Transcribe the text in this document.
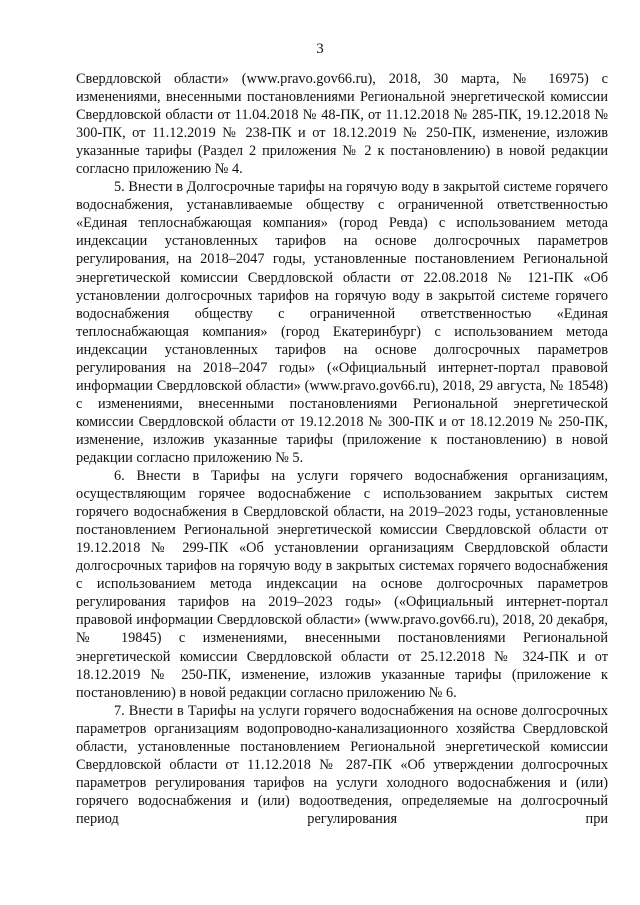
3

Свердловской области» (www.pravo.gov66.ru), 2018, 30 марта, № 16975) с изменениями, внесенными постановлениями Региональной энергетической комиссии Свердловской области от 11.04.2018 № 48-ПК, от 11.12.2018 № 285-ПК, 19.12.2018 № 300-ПК, от 11.12.2019 № 238-ПК и от 18.12.2019 № 250-ПК, изменение, изложив указанные тарифы (Раздел 2 приложения № 2 к постановлению) в новой редакции согласно приложению № 4.

5. Внести в Долгосрочные тарифы на горячую воду в закрытой системе горячего водоснабжения, устанавливаемые обществу с ограниченной ответственностью «Единая теплоснабжающая компания» (город Ревда) с использованием метода индексации установленных тарифов на основе долгосрочных параметров регулирования, на 2018–2047 годы, установленные постановлением Региональной энергетической комиссии Свердловской области от 22.08.2018 № 121-ПК «Об установлении долгосрочных тарифов на горячую воду в закрытой системе горячего водоснабжения обществу с ограниченной ответственностью «Единая теплоснабжающая компания» (город Екатеринбург) с использованием метода индексации установленных тарифов на основе долгосрочных параметров регулирования на 2018–2047 годы» («Официальный интернет-портал правовой информации Свердловской области» (www.pravo.gov66.ru), 2018, 29 августа, № 18548) с изменениями, внесенными постановлениями Региональной энергетической комиссии Свердловской области от 19.12.2018 № 300-ПК и от 18.12.2019 № 250-ПК, изменение, изложив указанные тарифы (приложение к постановлению) в новой редакции согласно приложению № 5.

6. Внести в Тарифы на услуги горячего водоснабжения организациям, осуществляющим горячее водоснабжение с использованием закрытых систем горячего водоснабжения в Свердловской области, на 2019–2023 годы, установленные постановлением Региональной энергетической комиссии Свердловской области от 19.12.2018 № 299-ПК «Об установлении организациям Свердловской области долгосрочных тарифов на горячую воду в закрытых системах горячего водоснабжения с использованием метода индексации на основе долгосрочных параметров регулирования тарифов на 2019–2023 годы» («Официальный интернет-портал правовой информации Свердловской области» (www.pravo.gov66.ru), 2018, 20 декабря, № 19845) с изменениями, внесенными постановлениями Региональной энергетической комиссии Свердловской области от 25.12.2018 № 324-ПК и от 18.12.2019 № 250-ПК, изменение, изложив указанные тарифы (приложение к постановлению) в новой редакции согласно приложению № 6.

7. Внести в Тарифы на услуги горячего водоснабжения на основе долгосрочных параметров организациям водопроводно-канализационного хозяйства Свердловской области, установленные постановлением Региональной энергетической комиссии Свердловской области от 11.12.2018 № 287-ПК «Об утверждении долгосрочных параметров регулирования тарифов на услуги холодного водоснабжения и (или) горячего водоснабжения и (или) водоотведения, определяемые на долгосрочный период регулирования при
